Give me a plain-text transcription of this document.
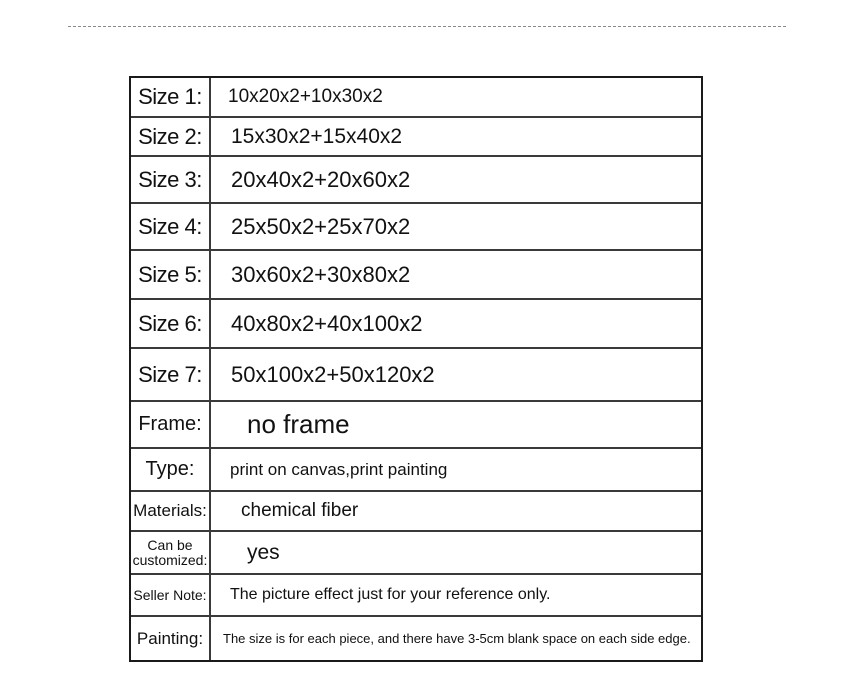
Size 1:	10x20x2+10x30x2
Size 2:	15x30x2+15x40x2
Size 3:	20x40x2+20x60x2
Size 4:	25x50x2+25x70x2
Size 5:	30x60x2+30x80x2
Size 6:	40x80x2+40x100x2
Size 7:	50x100x2+50x120x2
Frame:	no frame
Type:	print on canvas,print painting
Materials:	chemical fiber
Can be
customized:	yes
Seller Note:	The picture effect just for your reference only.
Painting:	The size is for each piece, and there have 3-5cm blank space on each side edge.
